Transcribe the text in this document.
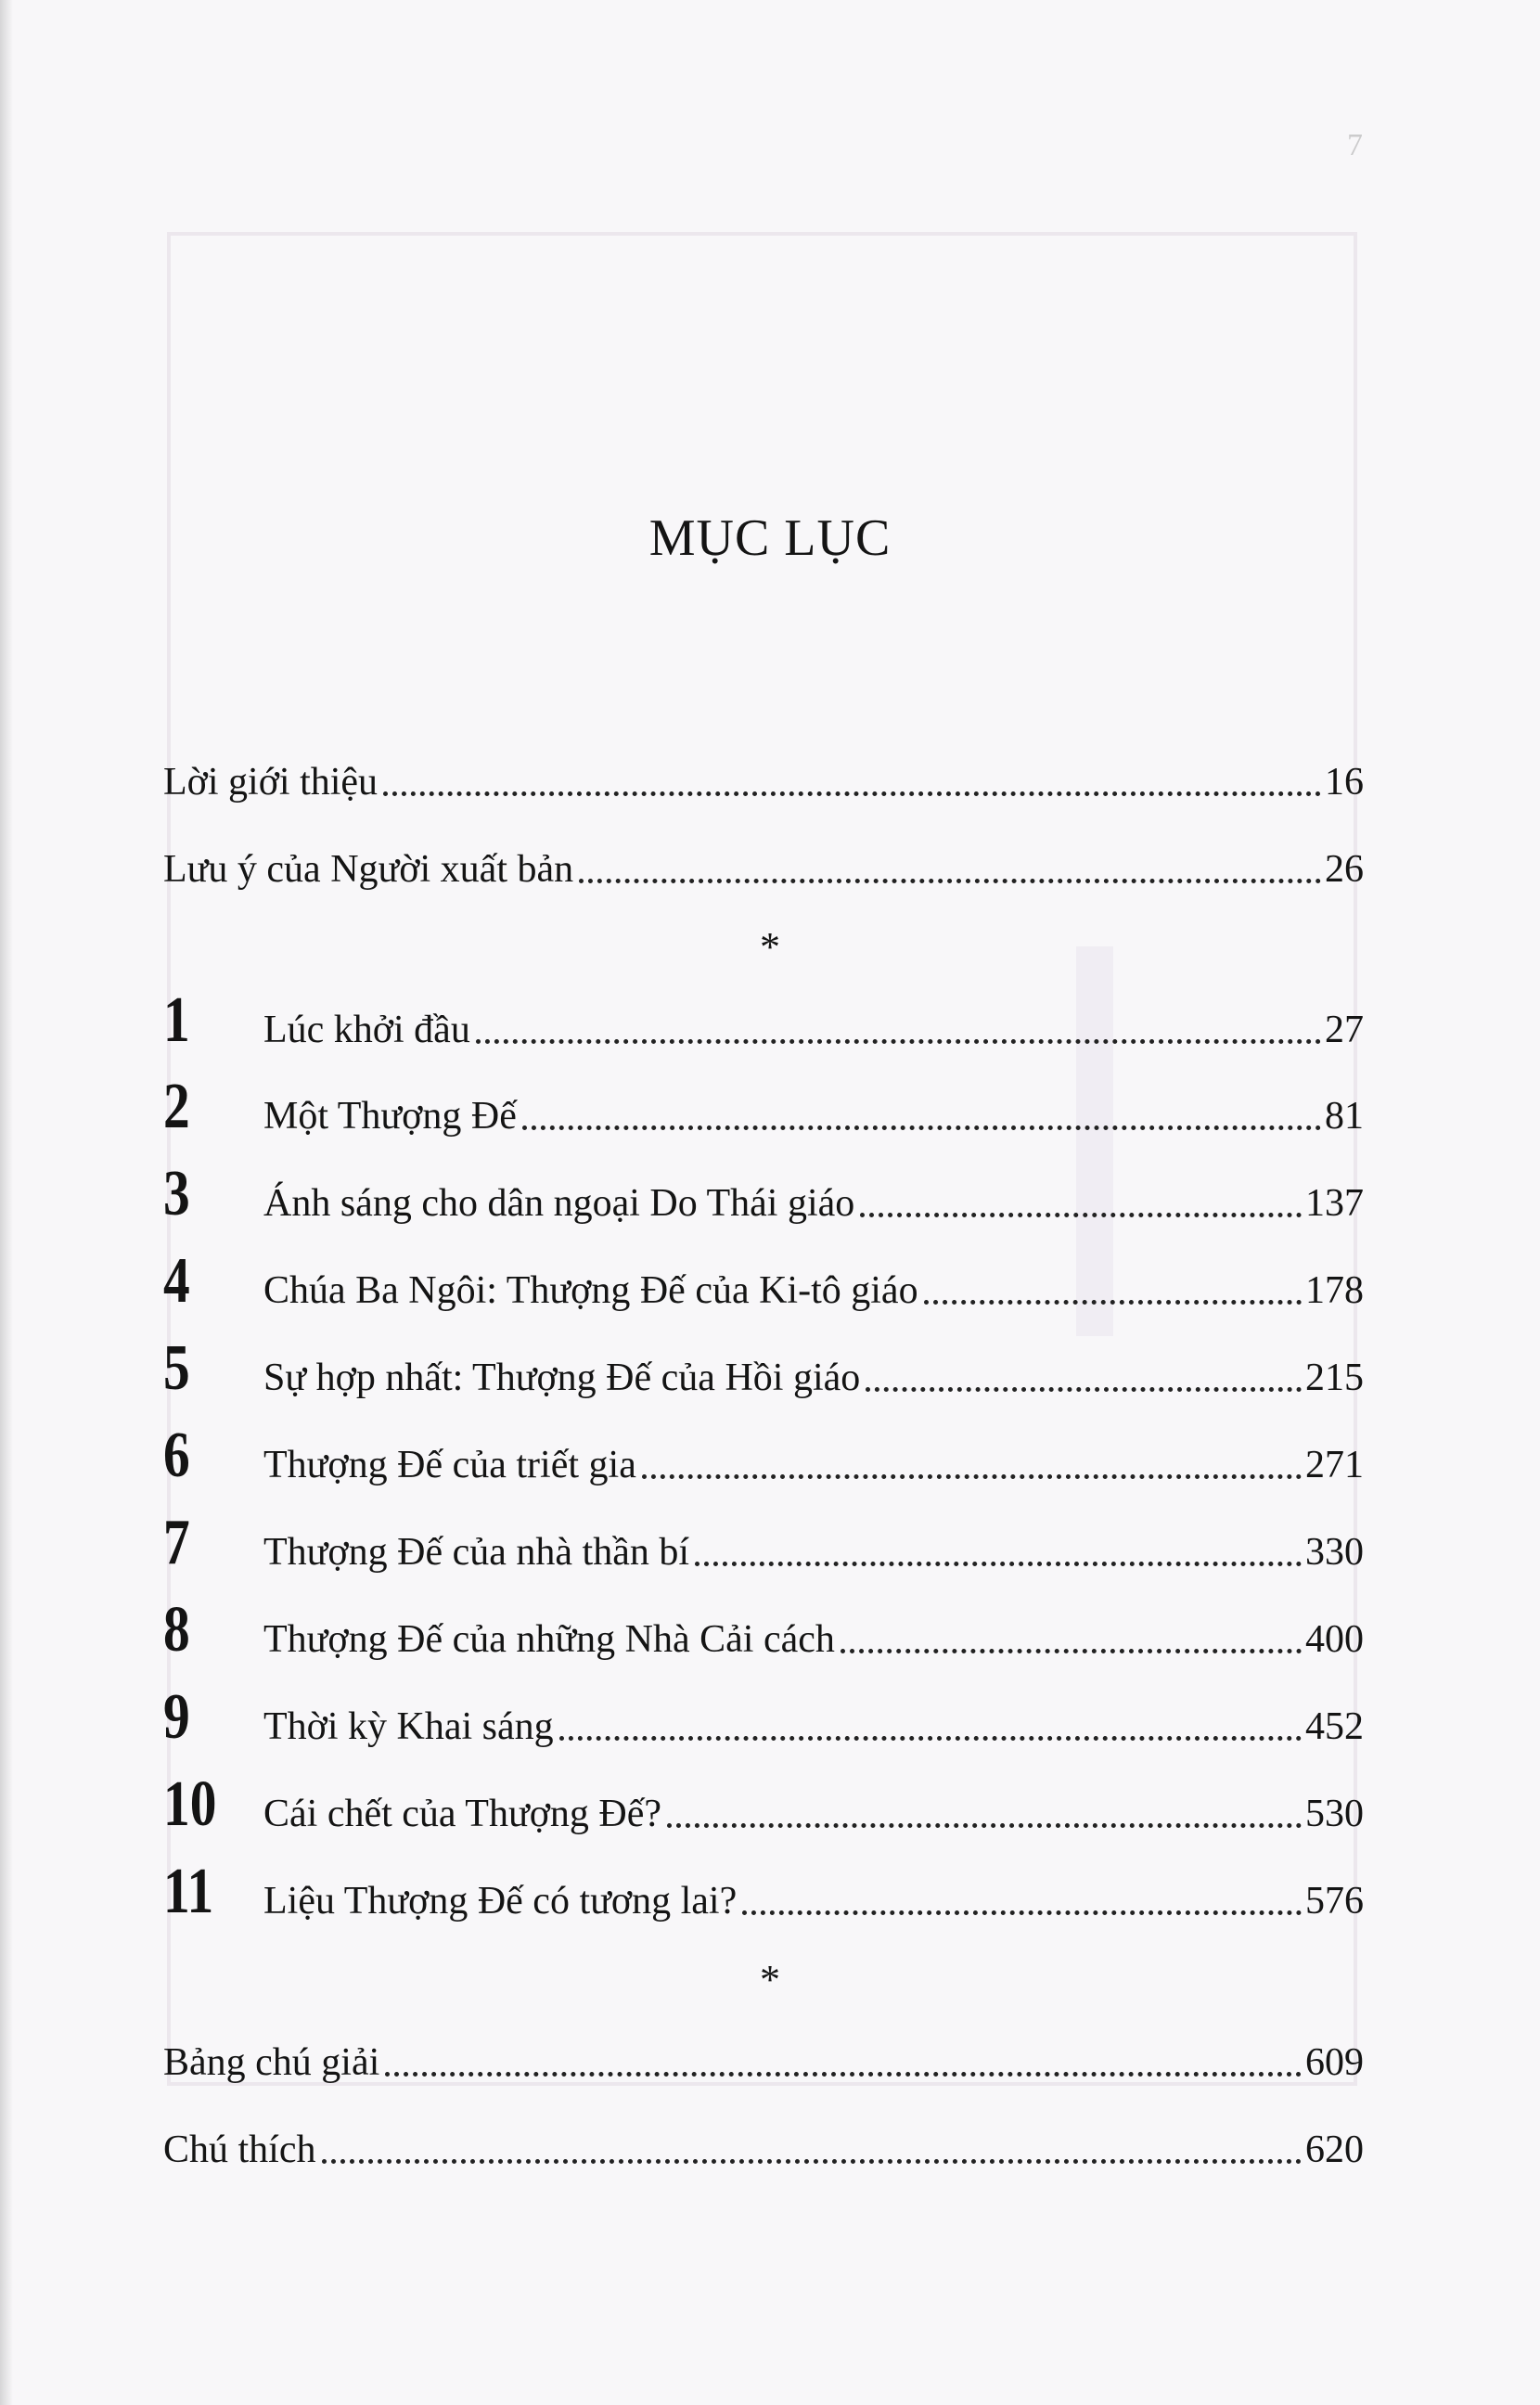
7
MỤC LỤC
Lời giới thiệu	16
Lưu ý của Người xuất bản	26
*
1	Lúc khởi đầu	27
2	Một Thượng Đế	81
3	Ánh sáng cho dân ngoại Do Thái giáo	137
4	Chúa Ba Ngôi: Thượng Đế của Ki-tô giáo	178
5	Sự hợp nhất: Thượng Đế của Hồi giáo	215
6	Thượng Đế của triết gia	271
7	Thượng Đế của nhà thần bí	330
8	Thượng Đế của những Nhà Cải cách	400
9	Thời kỳ Khai sáng	452
10	Cái chết của Thượng Đế?	530
11	Liệu Thượng Đế có tương lai?	576
*
Bảng chú giải	609
Chú thích	620
